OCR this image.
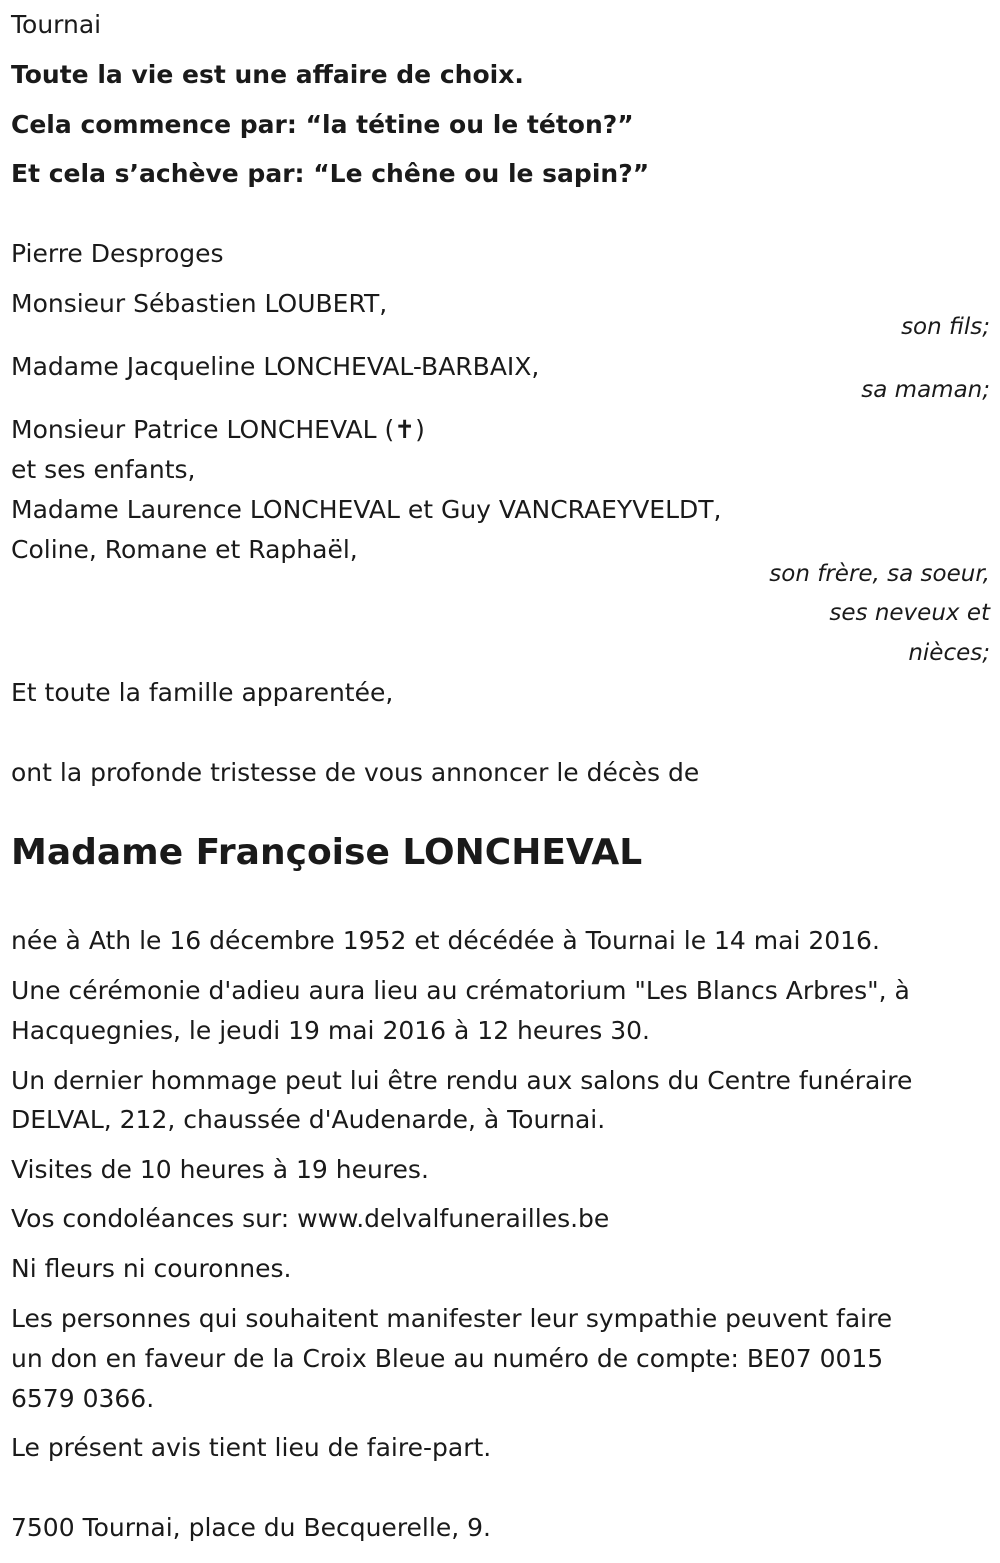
Tournai
Toute la vie est une affaire de choix.
Cela commence par: “la tétine ou le téton?”
Et cela s’achève par: “Le chêne ou le sapin?”
Pierre Desproges
Monsieur Sébastien LOUBERT,
son fils;
Madame Jacqueline LONCHEVAL-BARBAIX,
sa maman;
Monsieur Patrice LONCHEVAL (✝)
et ses enfants,
Madame Laurence LONCHEVAL et Guy VANCRAEYVELDT,
Coline, Romane et Raphaël,
son frère, sa soeur,
ses neveux et
nièces;
Et toute la famille apparentée,
ont la profonde tristesse de vous annoncer le décès de
Madame Françoise LONCHEVAL
née à Ath le 16 décembre 1952 et décédée à Tournai le 14 mai 2016.
Une cérémonie d'adieu aura lieu au crématorium "Les Blancs Arbres", à
Hacquegnies, le jeudi 19 mai 2016 à 12 heures 30.
Un dernier hommage peut lui être rendu aux salons du Centre funéraire
DELVAL, 212, chaussée d'Audenarde, à Tournai.
Visites de 10 heures à 19 heures.
Vos condoléances sur: www.delvalfunerailles.be
Ni fleurs ni couronnes.
Les personnes qui souhaitent manifester leur sympathie peuvent faire
un don en faveur de la Croix Bleue au numéro de compte: BE07 0015
6579 0366.
Le présent avis tient lieu de faire-part.
7500 Tournai, place du Becquerelle, 9.
